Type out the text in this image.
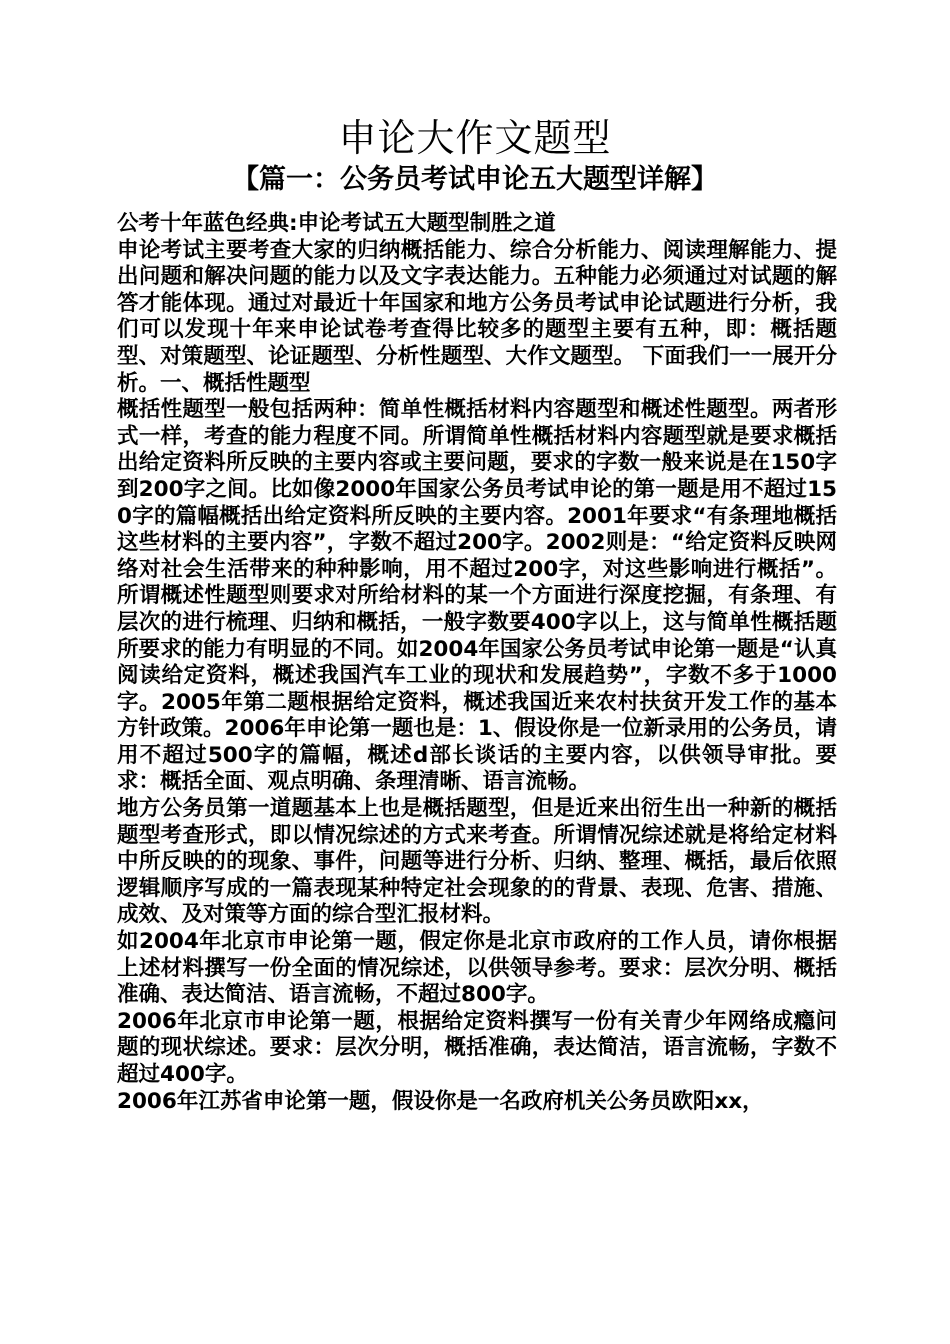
申论大作文题型
【篇一：公务员考试申论五大题型详解】

公考十年蓝色经典:申论考试五大题型制胜之道

申论考试主要考查大家的归纳概括能力、综合分析能力、阅读理解能力、提出问题和解决问题的能力以及文字表达能力。五种能力必须通过对试题的解答才能体现。通过对最近十年国家和地方公务员考试申论试题进行分析，我们可以发现十年来申论试卷考查得比较多的题型主要有五种，即：概括题型、对策题型、论证题型、分析性题型、大作文题型。 下面我们一一展开分析。一、概括性题型

概括性题型一般包括两种：简单性概括材料内容题型和概述性题型。两者形式一样，考查的能力程度不同。所谓简单性概括材料内容题型就是要求概括出给定资料所反映的主要内容或主要问题，要求的字数一般来说是在150字到200字之间。比如像2000年国家公务员考试申论的第一题是用不超过150字的篇幅概括出给定资料所反映的主要内容。2001年要求“有条理地概括这些材料的主要内容”，字数不超过200字。2002则是：“给定资料反映网络对社会生活带来的种种影响，用不超过200字，对这些影响进行概括”。所谓概述性题型则要求对所给材料的某一个方面进行深度挖掘，有条理、有层次的进行梳理、归纳和概括，一般字数要400字以上，这与简单性概括题所要求的能力有明显的不同。如2004年国家公务员考试申论第一题是“认真阅读给定资料，概述我国汽车工业的现状和发展趋势”，字数不多于1000字。2005年第二题根据给定资料，概述我国近来农村扶贫开发工作的基本方针政策。2006年申论第一题也是：1、假设你是一位新录用的公务员，请用不超过500字的篇幅，概述d部长谈话的主要内容，以供领导审批。要求：概括全面、观点明确、条理清晰、语言流畅。

地方公务员第一道题基本上也是概括题型，但是近来出衍生出一种新的概括题型考查形式，即以情况综述的方式来考查。所谓情况综述就是将给定材料中所反映的的现象、事件，问题等进行分析、归纳、整理、概括，最后依照逻辑顺序写成的一篇表现某种特定社会现象的的背景、表现、危害、措施、成效、及对策等方面的综合型汇报材料。

如2004年北京市申论第一题，假定你是北京市政府的工作人员，请你根据上述材料撰写一份全面的情况综述，以供领导参考。要求：层次分明、概括准确、表达简洁、语言流畅，不超过800字。

2006年北京市申论第一题，根据给定资料撰写一份有关青少年网络成瘾问题的现状综述。要求：层次分明，概括准确，表达简洁，语言流畅，字数不超过400字。

2006年江苏省申论第一题，假设你是一名政府机关公务员欧阳xx，
